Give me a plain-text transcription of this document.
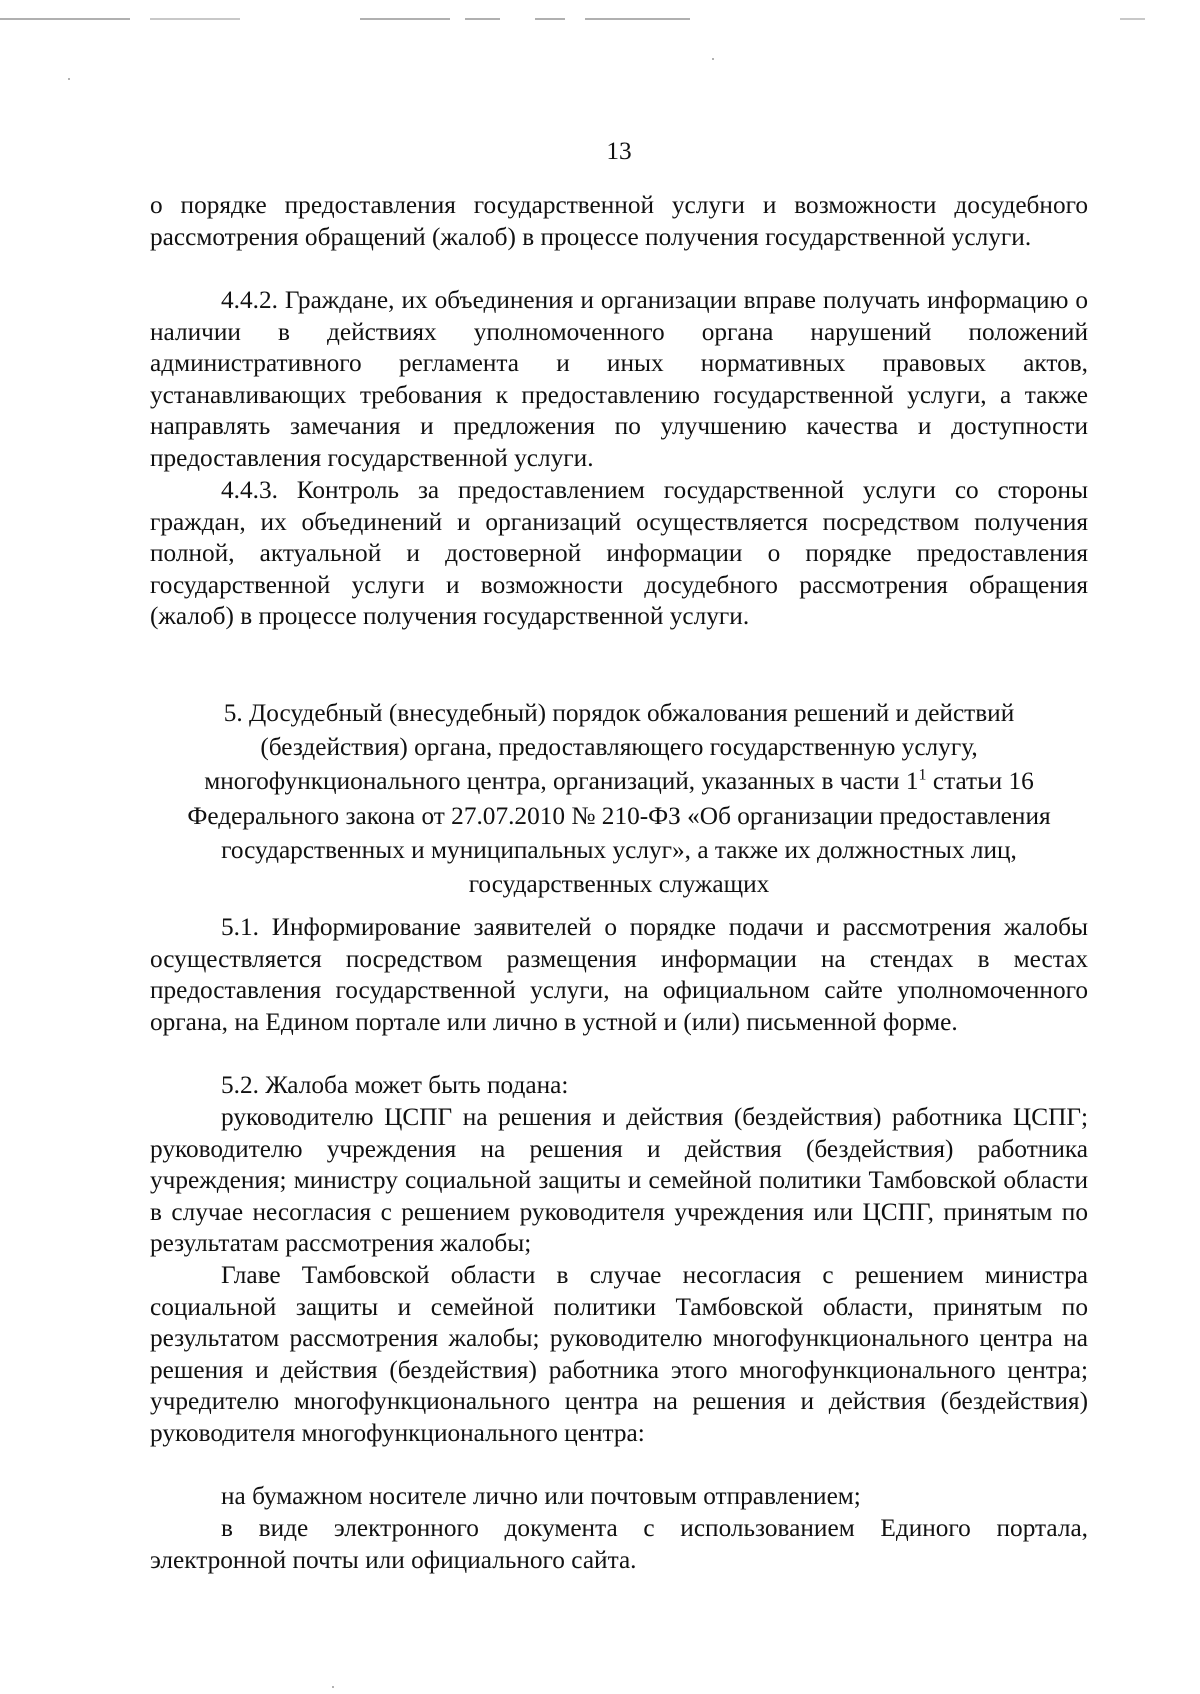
13

о порядке предоставления государственной услуги и возможности досудебного рассмотрения обращений (жалоб) в процессе получения государственной услуги.

4.4.2. Граждане, их объединения и организации вправе получать информацию о наличии в действиях уполномоченного органа нарушений положений административного регламента и иных нормативных правовых актов, устанавливающих требования к предоставлению государственной услуги, а также направлять замечания и предложения по улучшению качества и доступности предоставления государственной услуги.

4.4.3. Контроль за предоставлением государственной услуги со стороны граждан, их объединений и организаций осуществляется посредством получения полной, актуальной и достоверной информации о порядке предоставления государственной услуги и возможности досудебного рассмотрения обращения (жалоб) в процессе получения государственной услуги.

5. Досудебный (внесудебный) порядок обжалования решений и действий
(бездействия) органа, предоставляющего государственную услугу,
многофункционального центра, организаций, указанных в части $1^1$ статьи 16
Федерального закона от 27.07.2010 № 210-ФЗ «Об организации предоставления
государственных и муниципальных услуг», а также их должностных лиц,
государственных служащих

5.1. Информирование заявителей о порядке подачи и рассмотрения жалобы осуществляется посредством размещения информации на стендах в местах предоставления государственной услуги, на официальном сайте уполномоченного органа, на Едином портале или лично в устной и (или) письменной форме.

5.2. Жалоба может быть подана:

руководителю ЦСПГ на решения и действия (бездействия) работника ЦСПГ; руководителю учреждения на решения и действия (бездействия) работника учреждения; министру социальной защиты и семейной политики Тамбовской области в случае несогласия с решением руководителя учреждения или ЦСПГ, принятым по результатам рассмотрения жалобы;

Главе Тамбовской области в случае несогласия с решением министра социальной защиты и семейной политики Тамбовской области, принятым по результатом рассмотрения жалобы; руководителю многофункционального центра на решения и действия (бездействия) работника этого многофункционального центра; учредителю многофункционального центра на решения и действия (бездействия) руководителя многофункционального центра:

на бумажном носителе лично или почтовым отправлением;

в виде электронного документа с использованием Единого портала, электронной почты или официального сайта.
